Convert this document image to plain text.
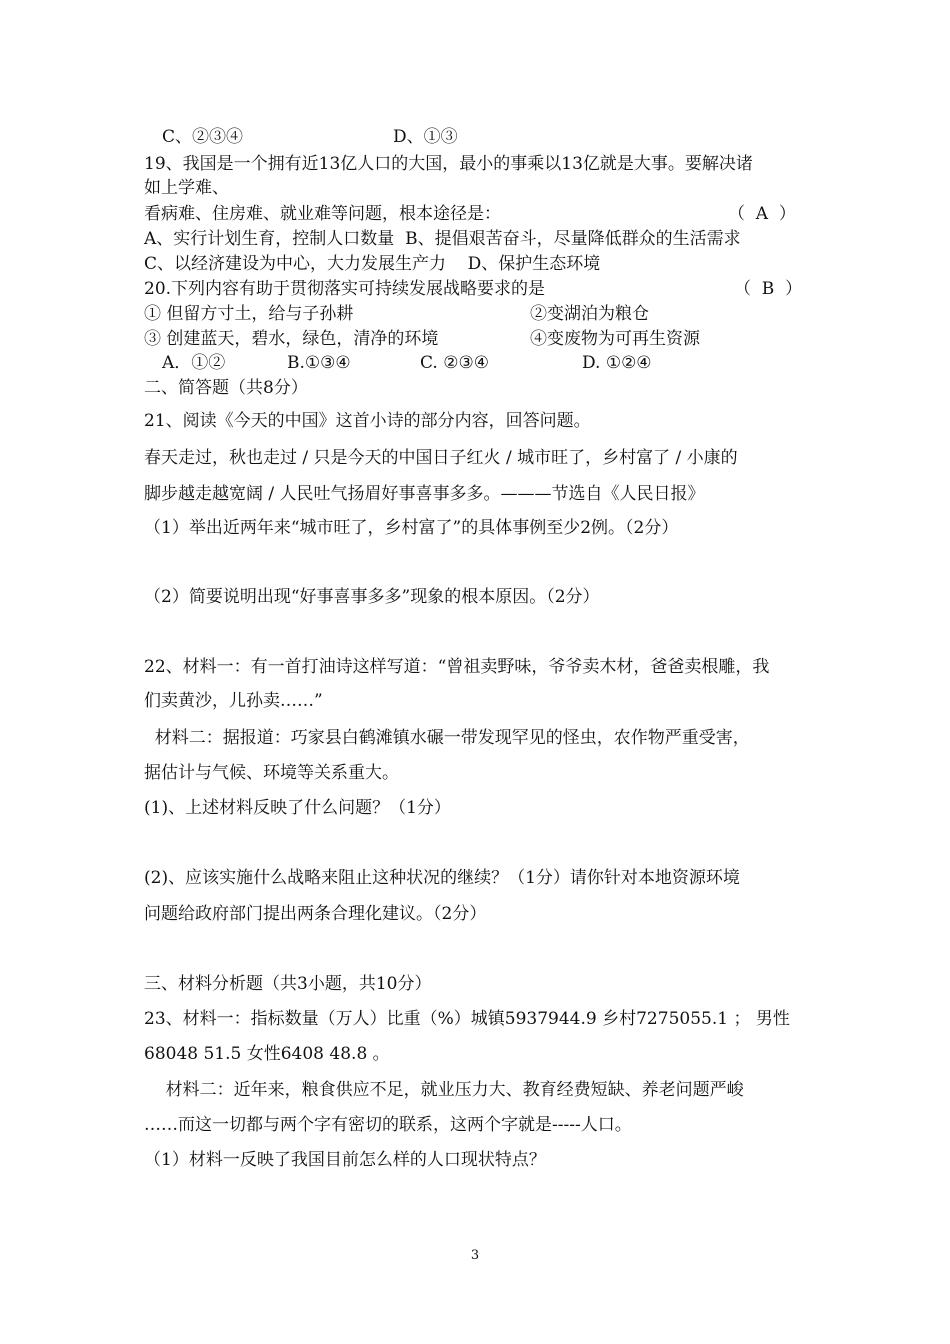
C、②③④	D、①③
19、我国是一个拥有近13亿人口的大国，最小的事乘以13亿就是大事。要解决诸
如上学难、
看病难、住房难、就业难等问题，根本途径是：	（  A  ）
A、实行计划生育，控制人口数量  B、提倡艰苦奋斗，尽量降低群众的生活需求
C、以经济建设为中心，大力发展生产力    D、保护生态环境
20.下列内容有助于贯彻落实可持续发展战略要求的是	（  B  ）
① 但留方寸土，给与子孙耕	②变湖泊为粮仓
③ 创建蓝天，碧水，绿色，清净的环境	④变废物为可再生资源
A．①②	B.①③④	C. ②③④	D. ①②④
二、简答题（共8分）
21、阅读《今天的中国》这首小诗的部分内容，回答问题。
春天走过，秋也走过 / 只是今天的中国日子红火 / 城市旺了，乡村富了 / 小康的
脚步越走越宽阔 / 人民吐气扬眉好事喜事多多。———节选自《人民日报》
（1）举出近两年来“城市旺了，乡村富了”的具体事例至少2例。（2分）
（2）简要说明出现“好事喜事多多”现象的根本原因。（2分）
22、材料一：有一首打油诗这样写道：“曾祖卖野味，爷爷卖木材，爸爸卖根雕，我
们卖黄沙，儿孙卖……”
材料二：据报道：巧家县白鹤滩镇水碾一带发现罕见的怪虫，农作物严重受害，
据估计与气候、环境等关系重大。
(1)、上述材料反映了什么问题？（1分）
(2)、应该实施什么战略来阻止这种状况的继续？（1分）请你针对本地资源环境
问题给政府部门提出两条合理化建议。（2分）
三、材料分析题（共3小题，共10分）
23、材料一：指标数量（万人）比重（%）城镇5937944.9 乡村7275055.1 ； 男性
68048 51.5 女性6408 48.8 。
材料二：近年来，粮食供应不足，就业压力大、教育经费短缺、养老问题严峻
……而这一切都与两个字有密切的联系，这两个字就是-----人口。
（1）材料一反映了我国目前怎么样的人口现状特点？
3
